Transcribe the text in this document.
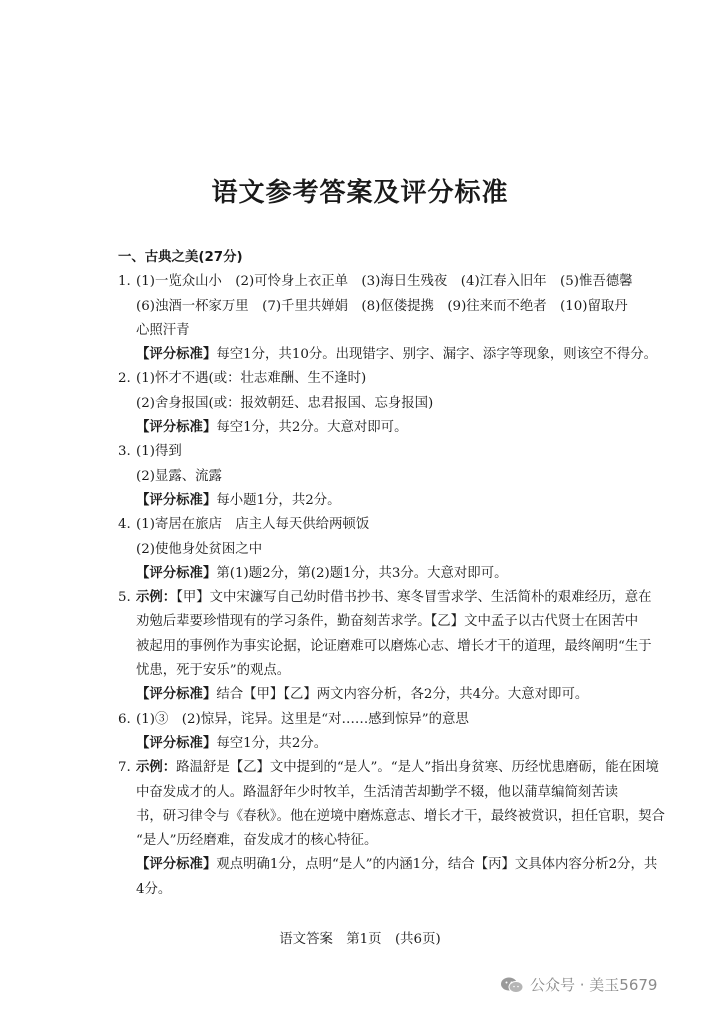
语文参考答案及评分标准
一、古典之美(27分)
1. (1)一览众山小　(2)可怜身上衣正单　(3)海日生残夜　(4)江春入旧年　(5)惟吾德馨
(6)浊酒一杯家万里　(7)千里共婵娟　(8)伛偻提携　(9)往来而不绝者　(10)留取丹
心照汗青
【评分标准】每空1分，共10分。出现错字、别字、漏字、添字等现象，则该空不得分。
2. (1)怀才不遇(或：壮志难酬、生不逢时)
(2)舍身报国(或：报效朝廷、忠君报国、忘身报国)
【评分标准】每空1分，共2分。大意对即可。
3. (1)得到
(2)显露、流露
【评分标准】每小题1分，共2分。
4. (1)寄居在旅店　店主人每天供给两顿饭
(2)使他身处贫困之中
【评分标准】第(1)题2分，第(2)题1分，共3分。大意对即可。
5. 示例：【甲】文中宋濂写自己幼时借书抄书、寒冬冒雪求学、生活简朴的艰难经历，意在
劝勉后辈要珍惜现有的学习条件，勤奋刻苦求学。【乙】文中孟子以古代贤士在困苦中
被起用的事例作为事实论据，论证磨难可以磨炼心志、增长才干的道理，最终阐明“生于
忧患，死于安乐”的观点。
【评分标准】结合【甲】【乙】两文内容分析，各2分，共4分。大意对即可。
6. (1)③　(2)惊异，诧异。这里是“对……感到惊异”的意思
【评分标准】每空1分，共2分。
7. 示例：路温舒是【乙】文中提到的“是人”。“是人”指出身贫寒、历经忧患磨砺，能在困境
中奋发成才的人。路温舒年少时牧羊，生活清苦却勤学不辍，他以蒲草编简刻苦读
书，研习律令与《春秋》。他在逆境中磨炼意志、增长才干，最终被赏识，担任官职，契合
“是人”历经磨难，奋发成才的核心特征。
【评分标准】观点明确1分，点明“是人”的内涵1分，结合【丙】文具体内容分析2分，共
4分。
语文答案　第1页　(共6页)
公众号 · 美玉5679
